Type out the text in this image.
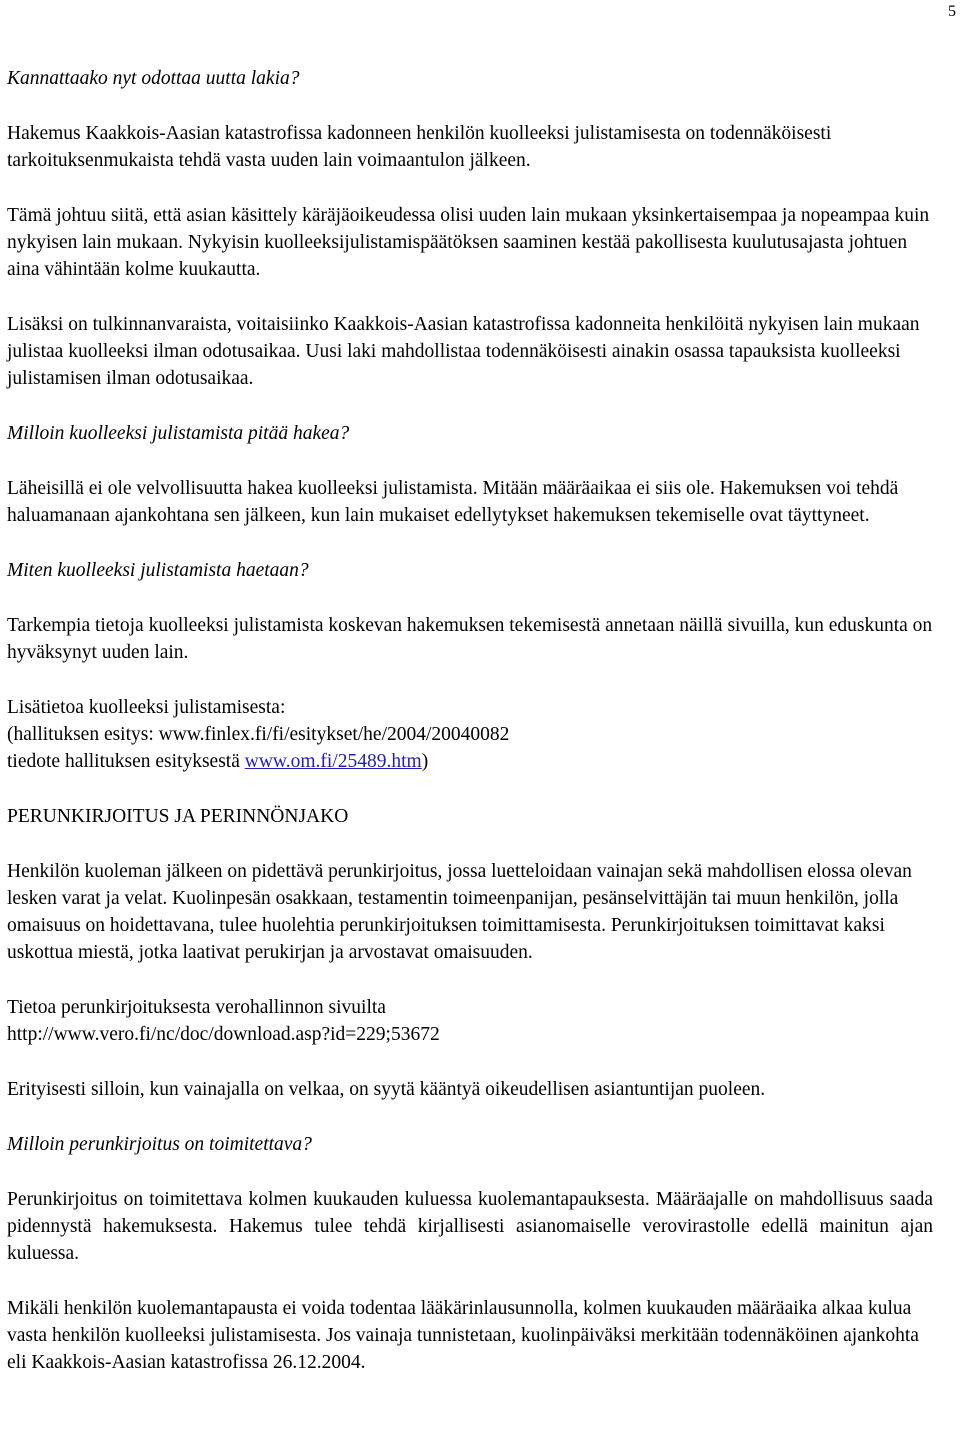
5

Kannattaako nyt odottaa uutta lakia?

Hakemus Kaakkois-Aasian katastrofissa kadonneen henkilön kuolleeksi julistamisesta on todennäköisesti tarkoituksenmukaista tehdä vasta uuden lain voimaantulon jälkeen.

Tämä johtuu siitä, että asian käsittely käräjäoikeudessa olisi uuden lain mukaan yksinkertaisempaa ja nopeampaa kuin nykyisen lain mukaan. Nykyisin kuolleeksijulistamispäätöksen saaminen kestää pakollisesta kuulutusajasta johtuen aina vähintään kolme kuukautta.

Lisäksi on tulkinnanvaraista, voitaisiinko Kaakkois-Aasian katastrofissa kadonneita henkilöitä nykyisen lain mukaan julistaa kuolleeksi ilman odotusaikaa. Uusi laki mahdollistaa todennäköisesti ainakin osassa tapauksista kuolleeksi julistamisen ilman odotusaikaa.

Milloin kuolleeksi julistamista pitää hakea?

Läheisillä ei ole velvollisuutta hakea kuolleeksi julistamista. Mitään määräaikaa ei siis ole. Hakemuksen voi tehdä haluamanaan ajankohtana sen jälkeen, kun lain mukaiset edellytykset hakemuksen tekemiselle ovat täyttyneet.

Miten kuolleeksi julistamista haetaan?

Tarkempia tietoja kuolleeksi julistamista koskevan hakemuksen tekemisestä annetaan näillä sivuilla, kun eduskunta on hyväksynyt uuden lain.

Lisätietoa kuolleeksi julistamisesta:
(hallituksen esitys: www.finlex.fi/fi/esitykset/he/2004/20040082
tiedote hallituksen esityksestä www.om.fi/25489.htm)

PERUNKIRJOITUS JA PERINNÖNJAKO

Henkilön kuoleman jälkeen on pidettävä perunkirjoitus, jossa luetteloidaan vainajan sekä mahdollisen elossa olevan lesken varat ja velat. Kuolinpesän osakkaan, testamentin toimeenpanijan, pesänselvittäjän tai muun henkilön, jolla omaisuus on hoidettavana, tulee huolehtia perunkirjoituksen toimittamisesta. Perunkirjoituksen toimittavat kaksi uskottua miestä, jotka laativat perukirjan ja arvostavat omaisuuden.

Tietoa perunkirjoituksesta verohallinnon sivuilta
http://www.vero.fi/nc/doc/download.asp?id=229;53672

Erityisesti silloin, kun vainajalla on velkaa, on syytä kääntyä oikeudellisen asiantuntijan puoleen.

Milloin perunkirjoitus on toimitettava?

Perunkirjoitus on toimitettava kolmen kuukauden kuluessa kuolemantapauksesta. Määräajalle on mahdollisuus saada pidennystä hakemuksesta. Hakemus tulee tehdä kirjallisesti asianomaiselle verovirastolle edellä mainitun ajan kuluessa.

Mikäli henkilön kuolemantapausta ei voida todentaa lääkärinlausunnolla, kolmen kuukauden määräaika alkaa kulua vasta henkilön kuolleeksi julistamisesta. Jos vainaja tunnistetaan, kuolinpäiväksi merkitään todennäköinen ajankohta eli Kaakkois-Aasian katastrofissa 26.12.2004.
